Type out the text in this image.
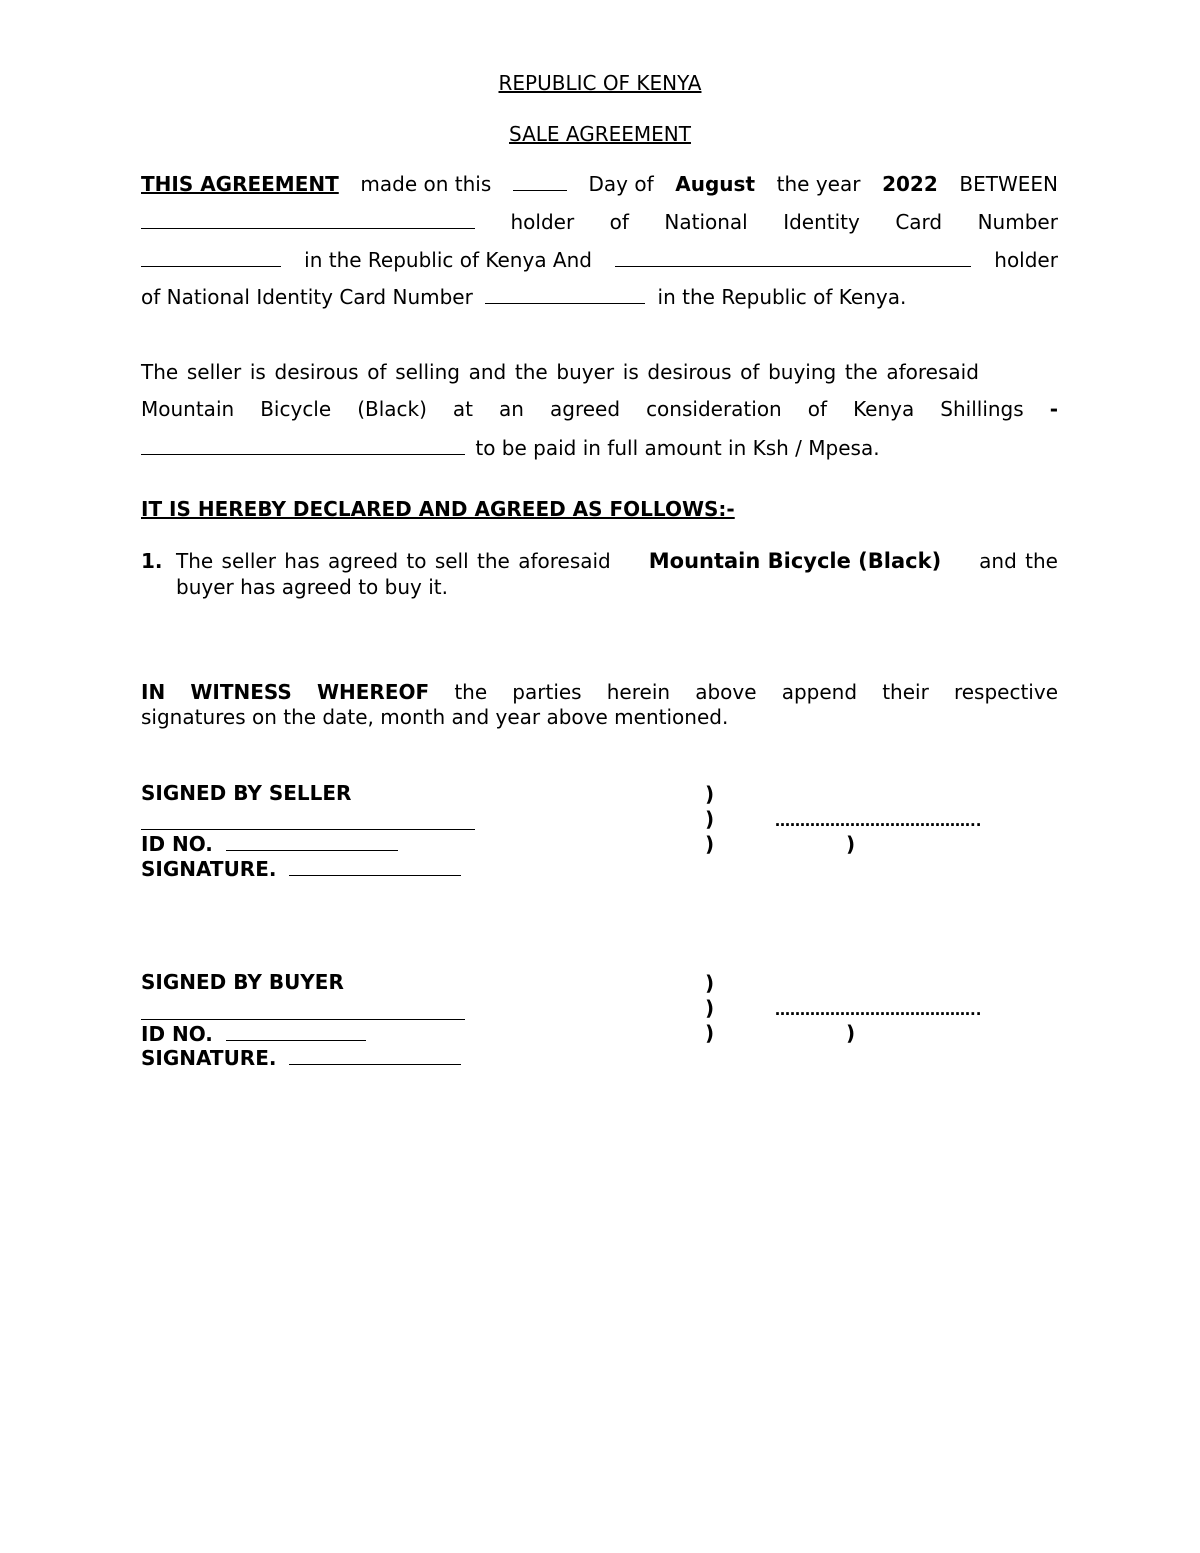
REPUBLIC OF KENYA
SALE AGREEMENT
THIS AGREEMENT made on this	Day of August the year 2022 BETWEEN
holder of National Identity Card Number
in the Republic of Kenya And	holder
of National Identity Card Number	in the Republic of Kenya.
The seller is desirous of selling and the buyer is desirous of buying the aforesaid
Mountain Bicycle (Black) at an agreed consideration of Kenya Shillings -
to be paid in full amount in Ksh / Mpesa.
IT IS HEREBY DECLARED AND AGREED AS FOLLOWS:-
1. The seller has agreed to sell the aforesaid Mountain Bicycle (Black) and the
buyer has agreed to buy it.
IN WITNESS WHEREOF the parties herein above append their respective
signatures on the date, month and year above mentioned.
SIGNED BY SELLER
ID NO.
SIGNATURE.
)
)
)
…………………………………..
)
SIGNED BY BUYER
ID NO.
SIGNATURE.
)
)
)
…………………………………..
)
